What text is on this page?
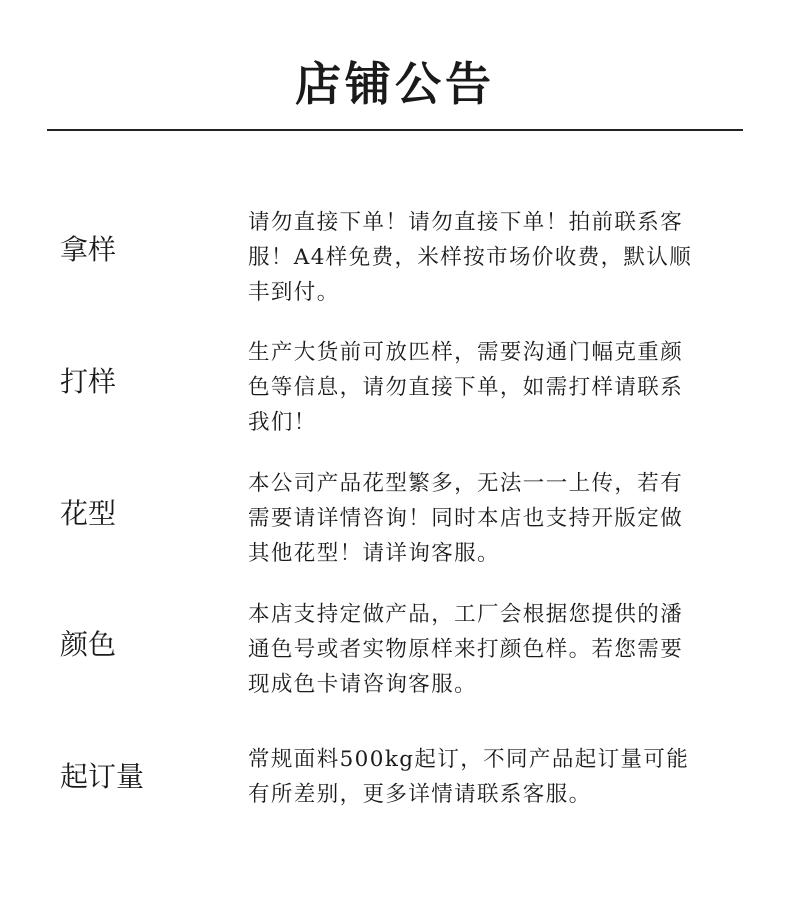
店铺公告
拿样
请勿直接下单！请勿直接下单！拍前联系客
服！A4样免费，米样按市场价收费，默认顺
丰到付。
打样
生产大货前可放匹样，需要沟通门幅克重颜
色等信息，请勿直接下单，如需打样请联系
我们！
花型
本公司产品花型繁多，无法一一上传，若有
需要请详情咨询！同时本店也支持开版定做
其他花型！请详询客服。
颜色
本店支持定做产品，工厂会根据您提供的潘
通色号或者实物原样来打颜色样。若您需要
现成色卡请咨询客服。
起订量
常规面料500kg起订，不同产品起订量可能
有所差别，更多详情请联系客服。
